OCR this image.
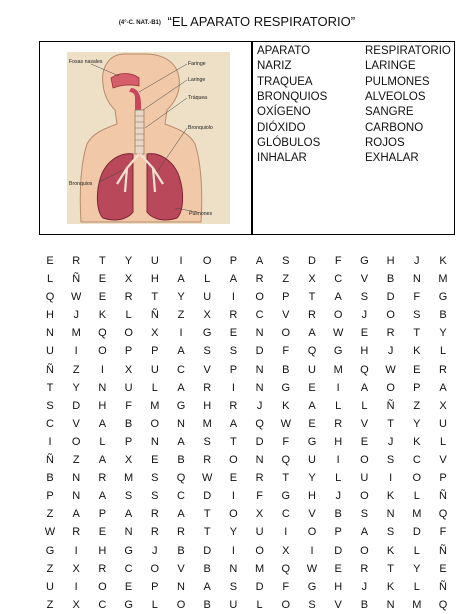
(4°-C. NAT.-B1) “EL APARATO RESPIRATORIO”
Fosas nasales	Faringe
Laringe
Tráquea
Bronquiolo
Bronquios
Pulmones
APARATO	RESPIRATORIO
NARIZ	LARINGE
TRAQUEA	PULMONES
BRONQUIOS	ALVEOLOS
OXÍGENO	SANGRE
DIÓXIDO	CARBONO
GLÓBULOS	ROJOS
INHALAR	EXHALAR
E	R	T	Y	U	I	O	P	A	S	D	F	G	H	J	K
L	Ñ	E	X	H	A	L	A	R	Z	X	C	V	B	N	M
Q	W	E	R	T	Y	U	I	O	P	T	A	S	D	F	G
H	J	K	L	Ñ	Z	X	R	C	V	R	O	J	O	S	B
N	M	Q	O	X	I	G	E	N	O	A	W	E	R	T	Y
U	I	O	P	P	A	S	S	D	F	Q	G	H	J	K	L
Ñ	Z	I	X	U	C	V	P	N	B	U	M	Q	W	E	R
T	Y	N	U	L	A	R	I	N	G	E	I	A	O	P	A
S	D	H	F	M	G	H	R	J	K	A	L	L	Ñ	Z	X
C	V	A	B	O	N	M	A	Q	W	E	R	V	T	Y	U
I	O	L	P	N	A	S	T	D	F	G	H	E	J	K	L
Ñ	Z	A	X	E	B	R	O	N	Q	U	I	O	S	C	V
B	N	R	M	S	Q	W	E	R	T	Y	L	U	I	O	P
P	N	A	S	S	C	D	I	F	G	H	J	O	K	L	Ñ
Z	A	P	A	R	A	T	O	X	C	V	B	S	N	M	Q
W	R	E	N	R	R	T	Y	U	I	O	P	A	S	D	F
G	I	H	G	J	B	D	I	O	X	I	D	O	K	L	Ñ
Z	X	R	C	O	V	B	N	M	Q	W	E	R	T	Y	E
U	I	O	E	P	N	A	S	D	F	G	H	J	K	L	Ñ
Z	X	C	G	L	O	B	U	L	O	S	V	B	N	M	Q
